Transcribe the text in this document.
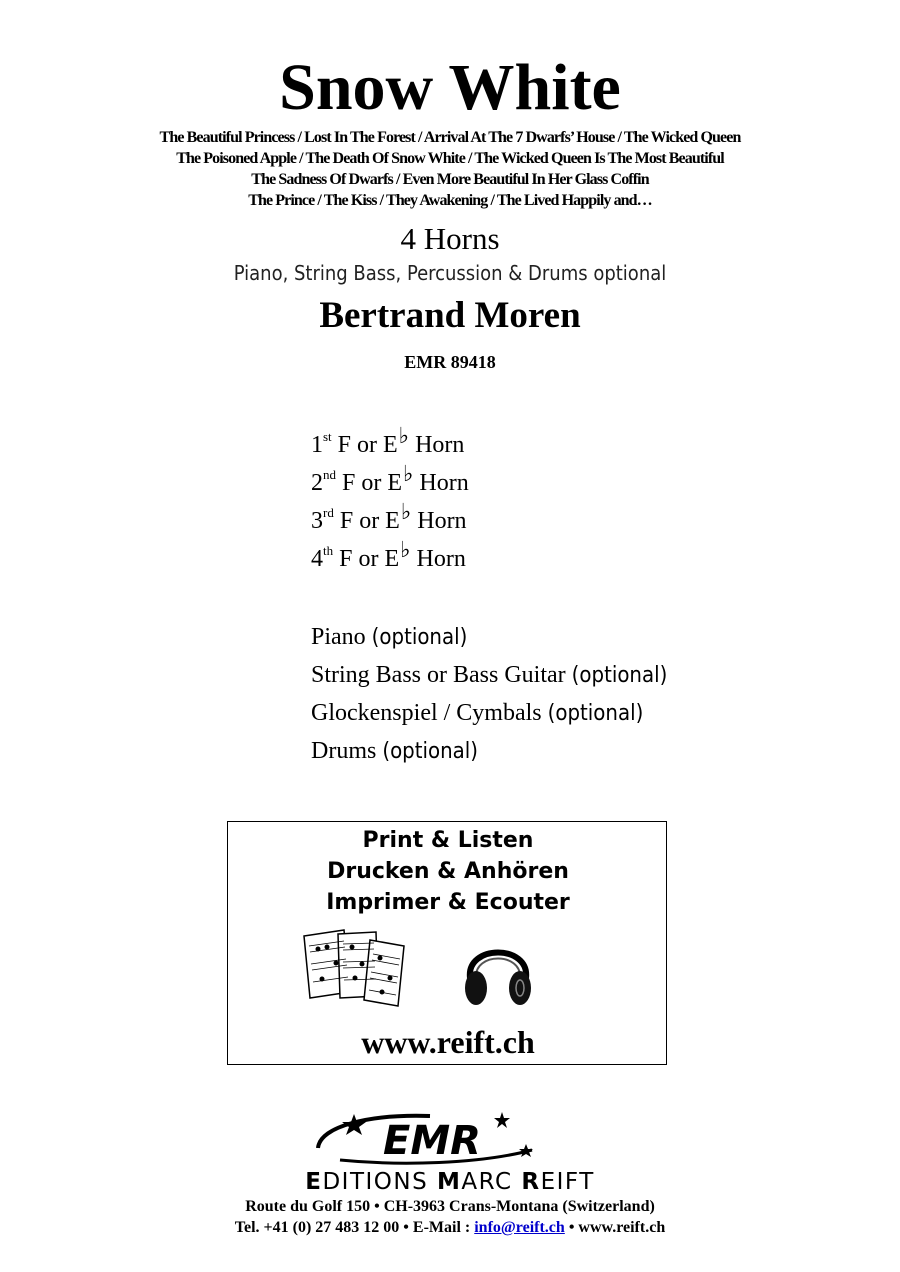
Snow White
The Beautiful Princess / Lost In The Forest / Arrival At The 7 Dwarfs’ House / The Wicked Queen
The Poisoned Apple / The Death Of Snow White / The Wicked Queen Is The Most Beautiful
The Sadness Of Dwarfs / Even More Beautiful In Her Glass Coffin
The Prince / The Kiss / They Awakening / The Lived Happily and…
4 Horns
Piano, String Bass, Percussion & Drums optional
Bertrand Moren
EMR 89418
1st F or E♭ Horn
2nd F or E♭ Horn
3rd F or E♭ Horn
4th F or E♭ Horn
Piano (optional)
String Bass or Bass Guitar (optional)
Glockenspiel / Cymbals (optional)
Drums (optional)
Print & Listen
Drucken & Anhören
Imprimer & Ecouter
www.reift.ch
EMR
EDITIONS MARC REIFT
Route du Golf 150 • CH-3963 Crans-Montana (Switzerland)
Tel. +41 (0) 27 483 12 00 • E-Mail : info@reift.ch • www.reift.ch
